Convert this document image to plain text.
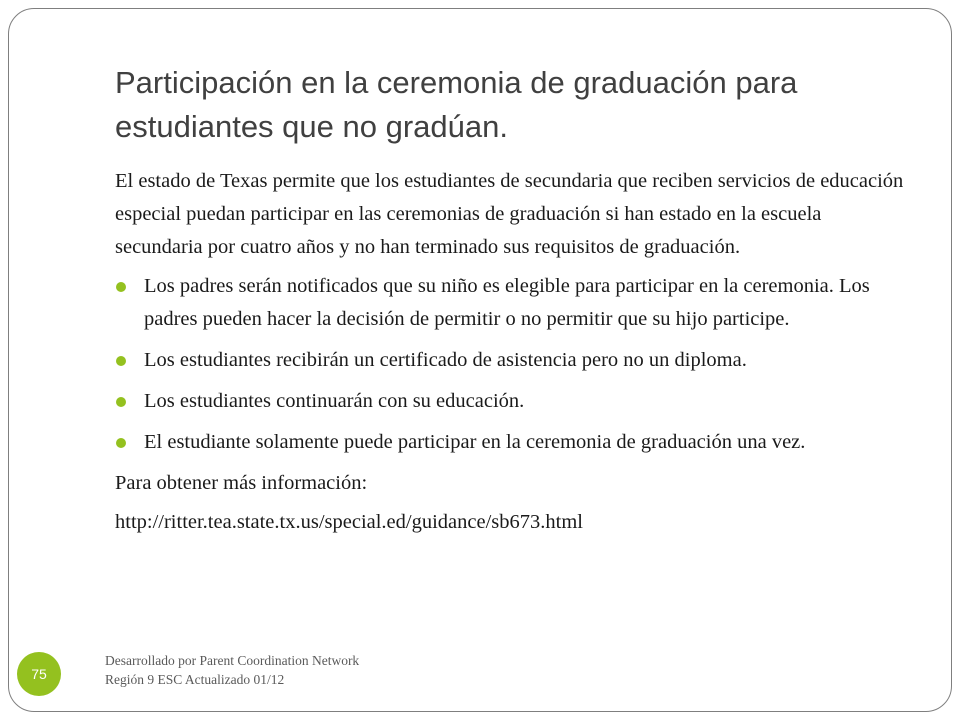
Participación en la ceremonia de graduación para estudiantes que no gradúan.

El estado de Texas permite que los estudiantes de secundaria que reciben servicios de educación especial puedan participar en las ceremonias de graduación si han estado en la escuela secundaria por cuatro años y no han terminado sus requisitos de graduación.

Los padres serán notificados que su niño es elegible para participar en la ceremonia. Los padres pueden hacer la decisión de permitir o no permitir que su hijo participe.
Los estudiantes recibirán un certificado de asistencia pero no un diploma.
Los estudiantes continuarán con su educación.
El estudiante solamente puede participar en la ceremonia de graduación una vez.

Para obtener más información:

http://ritter.tea.state.tx.us/special.ed/guidance/sb673.html

75
Desarrollado por Parent Coordination Network
Región 9 ESC Actualizado 01/12
